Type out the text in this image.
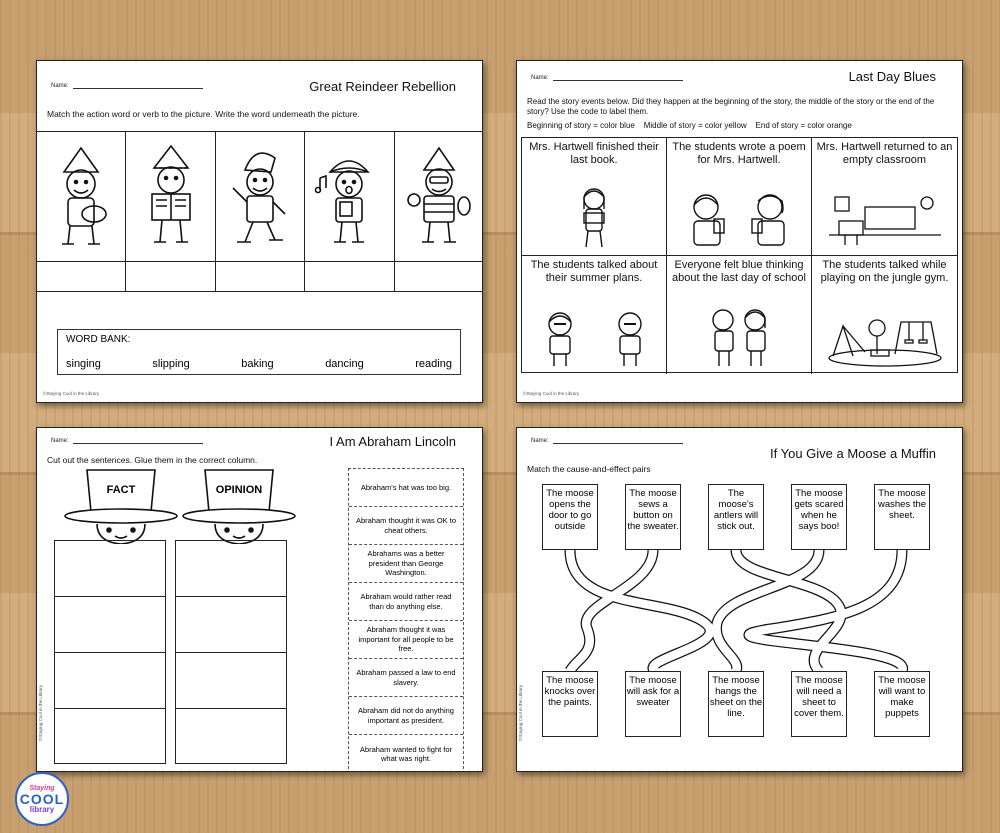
Name:	Great Reindeer Rebellion
Match the action word or verb to the picture. Write the word underneath the picture.
WORD BANK:
singing	slipping	baking	dancing	reading
©Staying Cool in the Library
Name:	Last Day Blues
Read the story events below. Did they happen at the beginning of the story, the middle of the story or the end of the story? Use the code to label them.
Beginning of story = color blue    Middle of story = color yellow    End of story = color orange
Mrs. Hartwell finished their last book.
The students wrote a poem for Mrs. Hartwell.
Mrs. Hartwell returned to an empty classroom
The students talked about their summer plans.
Everyone felt blue thinking about the last day of school
The students talked while playing on the jungle gym.
©Staying Cool in the Library
Name:	I Am Abraham Lincoln
Cut out the sentences. Glue them in the correct column.
FACT	OPINION	Abraham's hat was too big.
Abraham thought it was OK to cheat others.
Abrahams was a better president than George Washington.
Abraham would rather read than do anything else.
Abraham thought it was important for all people to be free.
Abraham passed a law to end slavery.
Abraham did not do anything important as president.
Abraham wanted to fight for what was right.
©Staying Cool in the Library
Name:
If You Give a Moose a Muffin
Match the cause-and-effect pairs
The moose opens the door to go outside
The moose sews a button on the sweater.
The moose's antlers will stick out.
The moose gets scared when he says boo!
The moose washes the sheet.
The moose knocks over the paints.
The moose will ask for a sweater
The moose hangs the sheet on the line.
The moose will need a sheet to cover them.
The moose will want to make puppets
©Staying Cool in the Library
Staying
COOL
library
